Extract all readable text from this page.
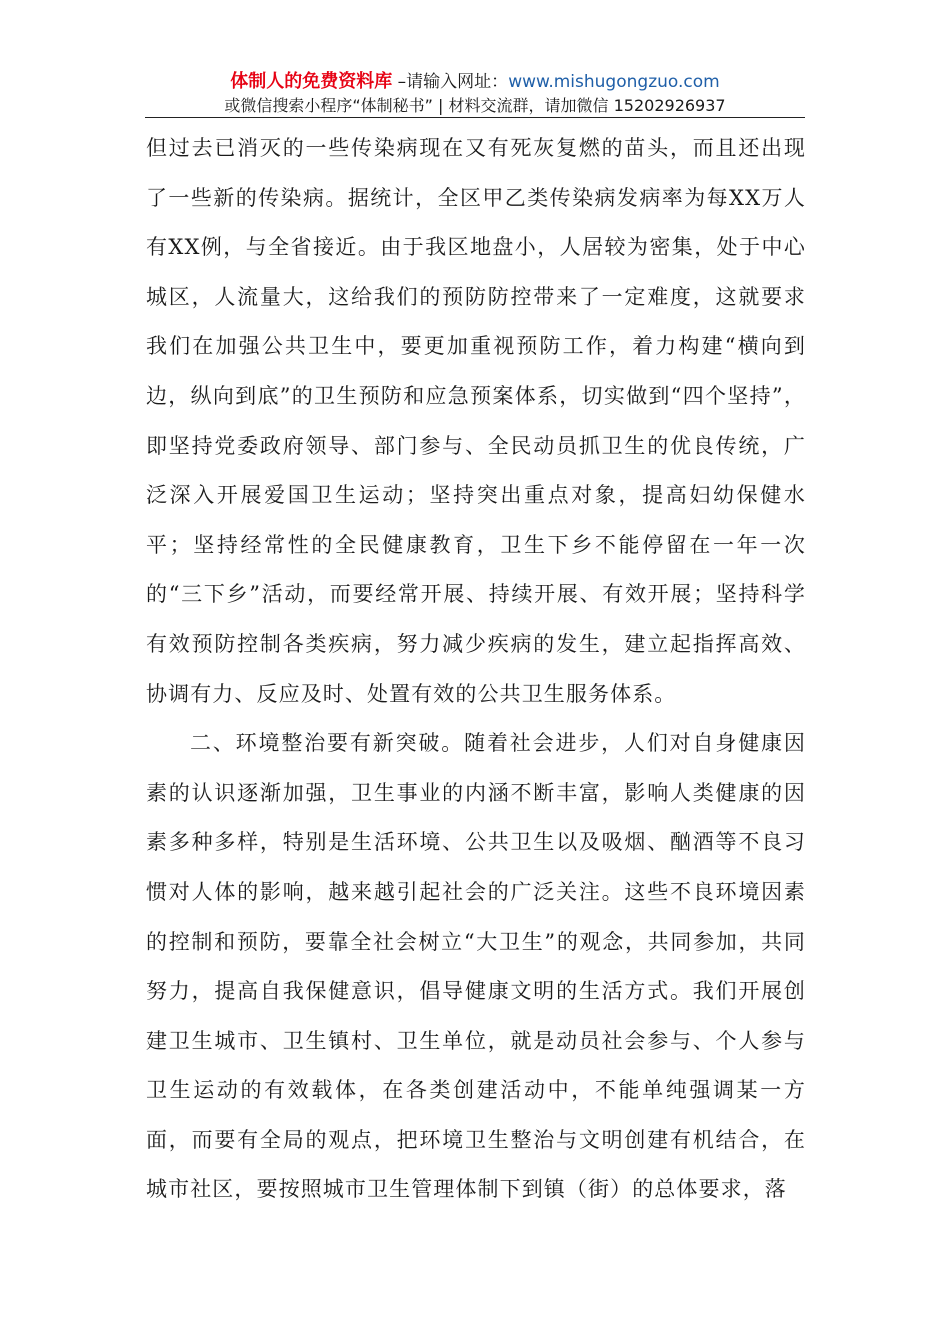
体制人的免费资料库 –请输入网址：www.mishugongzuo.com
或微信搜索小程序“体制秘书” | 材料交流群，请加微信 15202926937

但过去已消灭的一些传染病现在又有死灰复燃的苗头，而且还出现了一些新的传染病。据统计，全区甲乙类传染病发病率为每XX万人有XX例，与全省接近。由于我区地盘小，人居较为密集，处于中心城区，人流量大，这给我们的预防防控带来了一定难度，这就要求我们在加强公共卫生中，要更加重视预防工作，着力构建“横向到边，纵向到底”的卫生预防和应急预案体系，切实做到“四个坚持”，即坚持党委政府领导、部门参与、全民动员抓卫生的优良传统，广泛深入开展爱国卫生运动；坚持突出重点对象，提高妇幼保健水平；坚持经常性的全民健康教育，卫生下乡不能停留在一年一次的“三下乡”活动，而要经常开展、持续开展、有效开展；坚持科学有效预防控制各类疾病，努力减少疾病的发生，建立起指挥高效、协调有力、反应及时、处置有效的公共卫生服务体系。

二、环境整治要有新突破。随着社会进步，人们对自身健康因素的认识逐渐加强，卫生事业的内涵不断丰富，影响人类健康的因素多种多样，特别是生活环境、公共卫生以及吸烟、酗酒等不良习惯对人体的影响，越来越引起社会的广泛关注。这些不良环境因素的控制和预防，要靠全社会树立“大卫生”的观念，共同参加，共同努力，提高自我保健意识，倡导健康文明的生活方式。我们开展创建卫生城市、卫生镇村、卫生单位，就是动员社会参与、个人参与卫生运动的有效载体，在各类创建活动中，不能单纯强调某一方面，而要有全局的观点，把环境卫生整治与文明创建有机结合，在城市社区，要按照城市卫生管理体制下到镇（街）的总体要求，落
